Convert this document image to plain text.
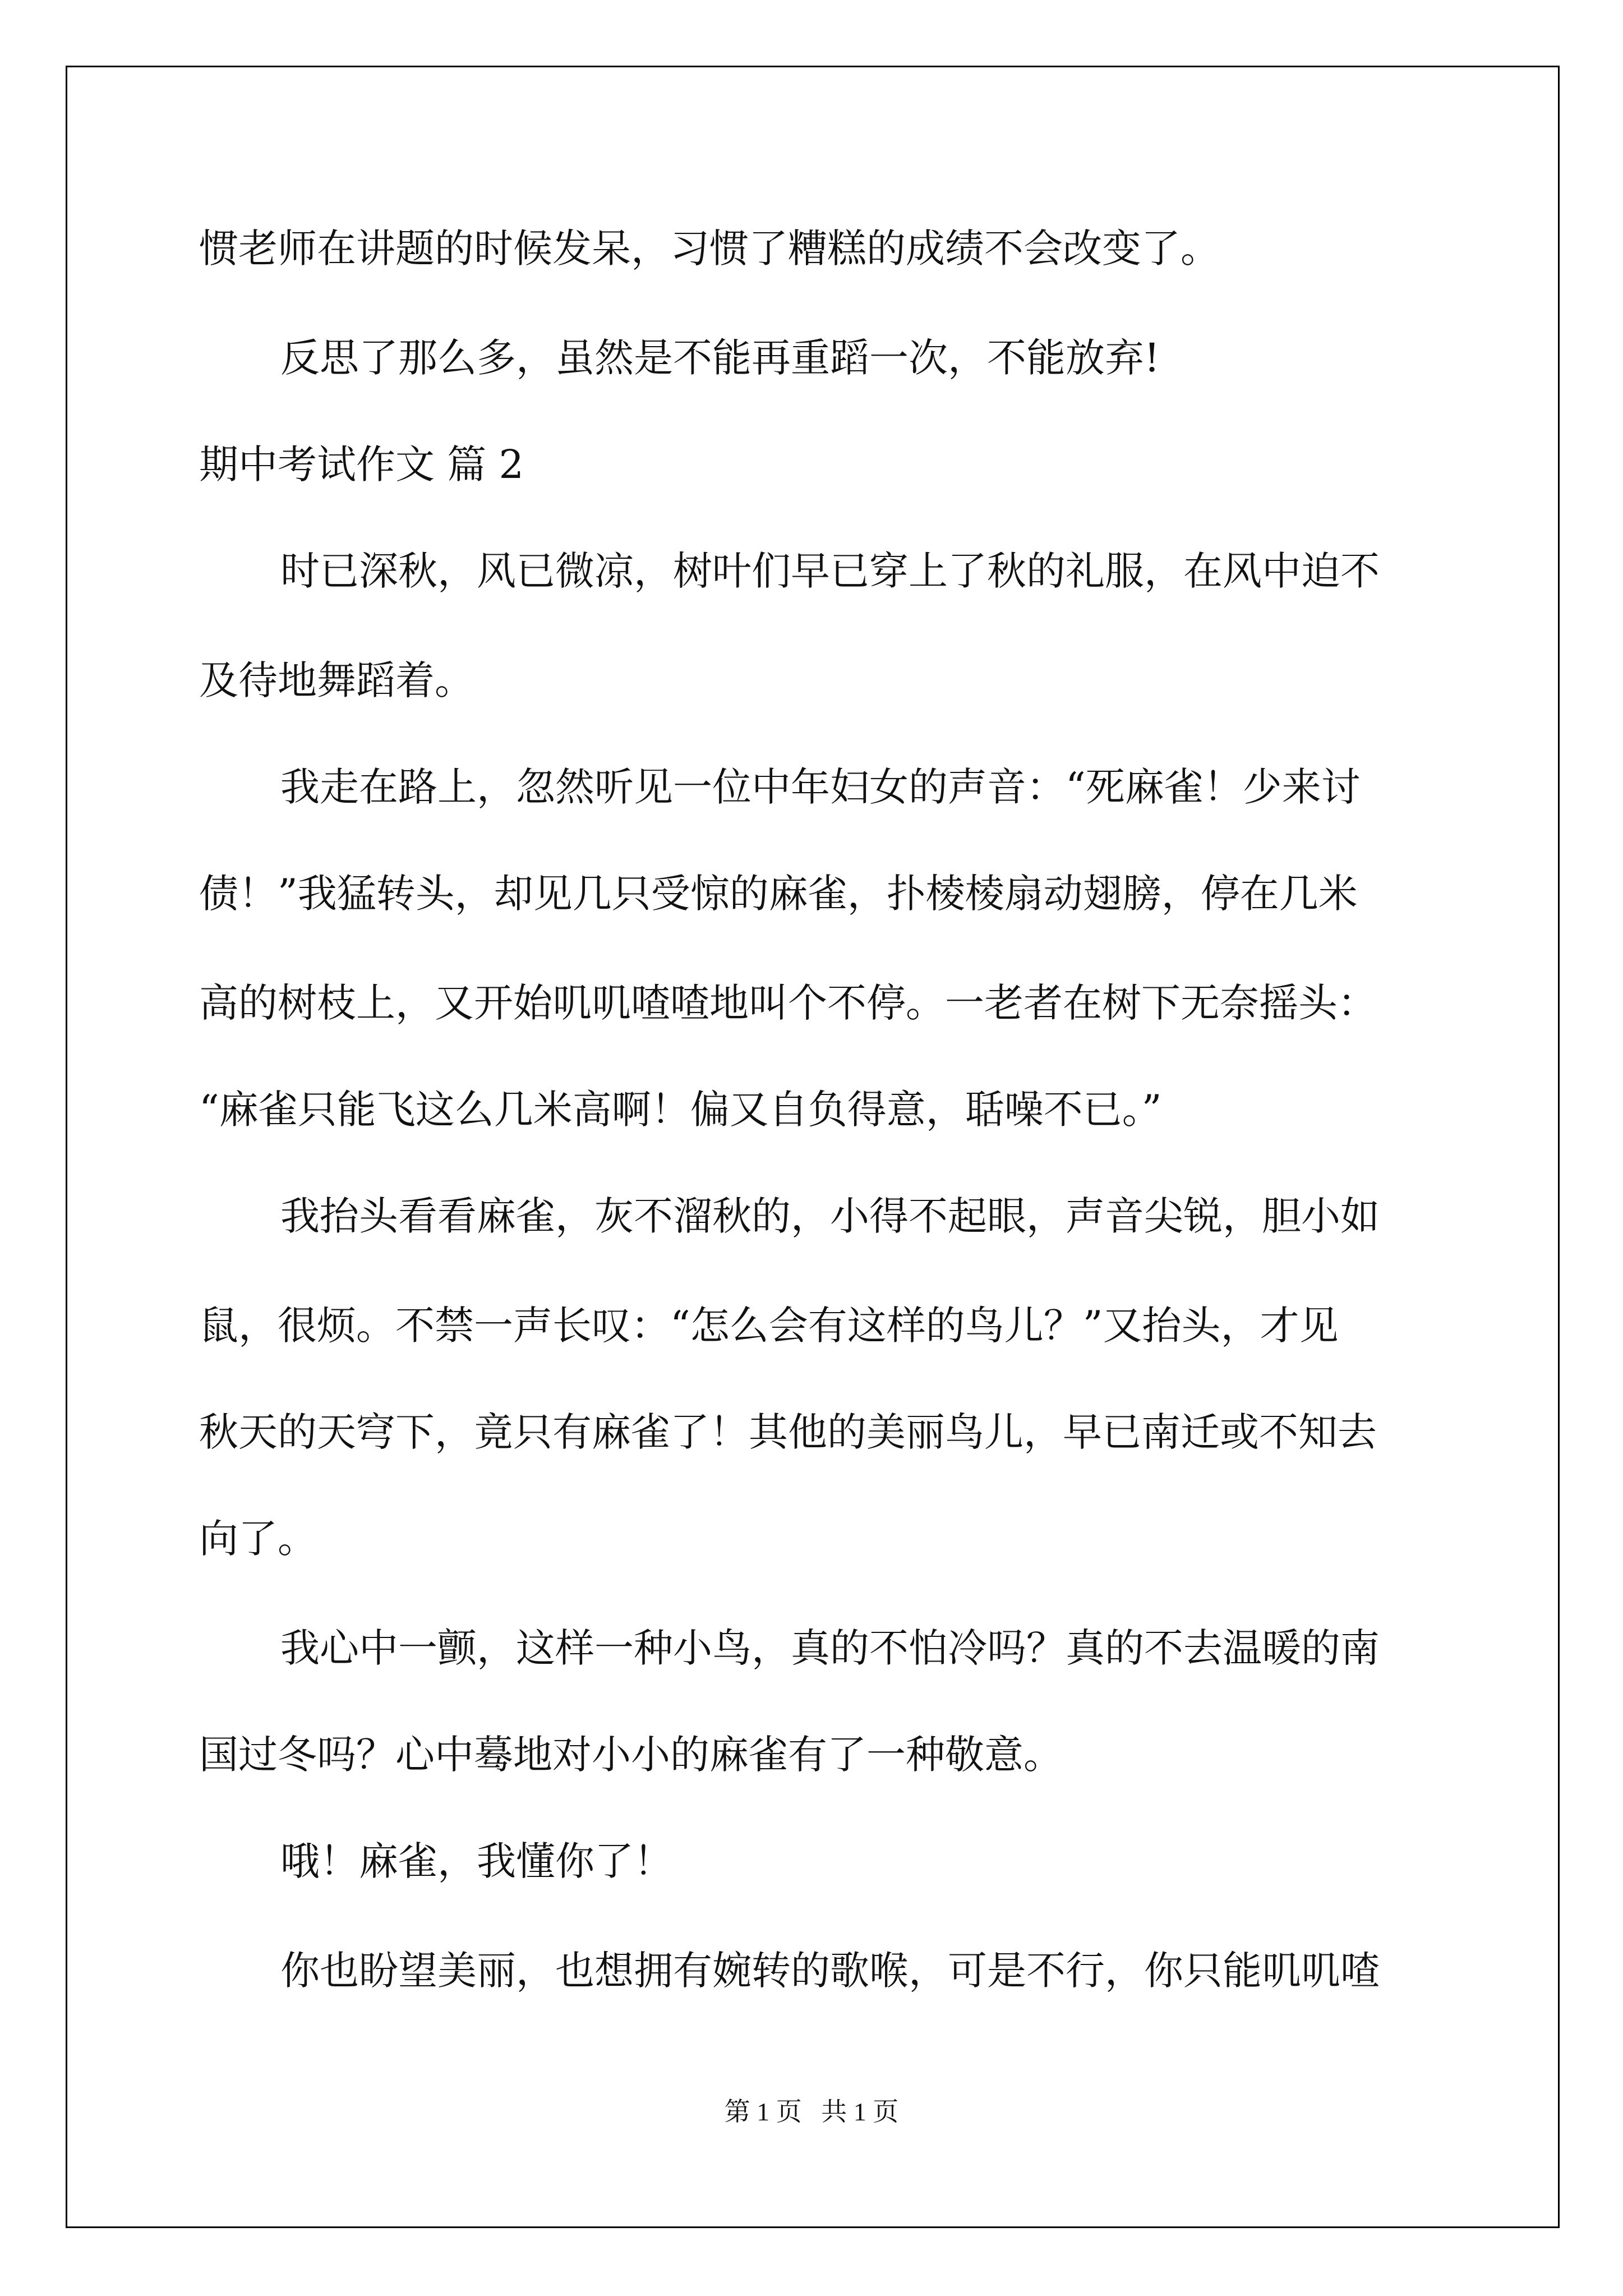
惯老师在讲题的时候发呆，习惯了糟糕的成绩不会改变了。

反思了那么多，虽然是不能再重蹈一次，不能放弃!

期中考试作文 篇 2

时已深秋，风已微凉，树叶们早已穿上了秋的礼服，在风中迫不

及待地舞蹈着。

我走在路上，忽然听见一位中年妇女的声音：“死麻雀！少来讨

债！”我猛转头，却见几只受惊的麻雀，扑棱棱扇动翅膀，停在几米

高的树枝上，又开始叽叽喳喳地叫个不停。一老者在树下无奈摇头：

“麻雀只能飞这么几米高啊！偏又自负得意，聒噪不已。”

我抬头看看麻雀，灰不溜秋的，小得不起眼，声音尖锐，胆小如

鼠，很烦。不禁一声长叹：“怎么会有这样的鸟儿？”又抬头，才见

秋天的天穹下，竟只有麻雀了！其他的美丽鸟儿，早已南迁或不知去

向了。

我心中一颤，这样一种小鸟，真的不怕冷吗？真的不去温暖的南

国过冬吗？心中蓦地对小小的麻雀有了一种敬意。

哦！麻雀，我懂你了！

你也盼望美丽，也想拥有婉转的歌喉，可是不行，你只能叽叽喳

第 1 页   共 1 页
